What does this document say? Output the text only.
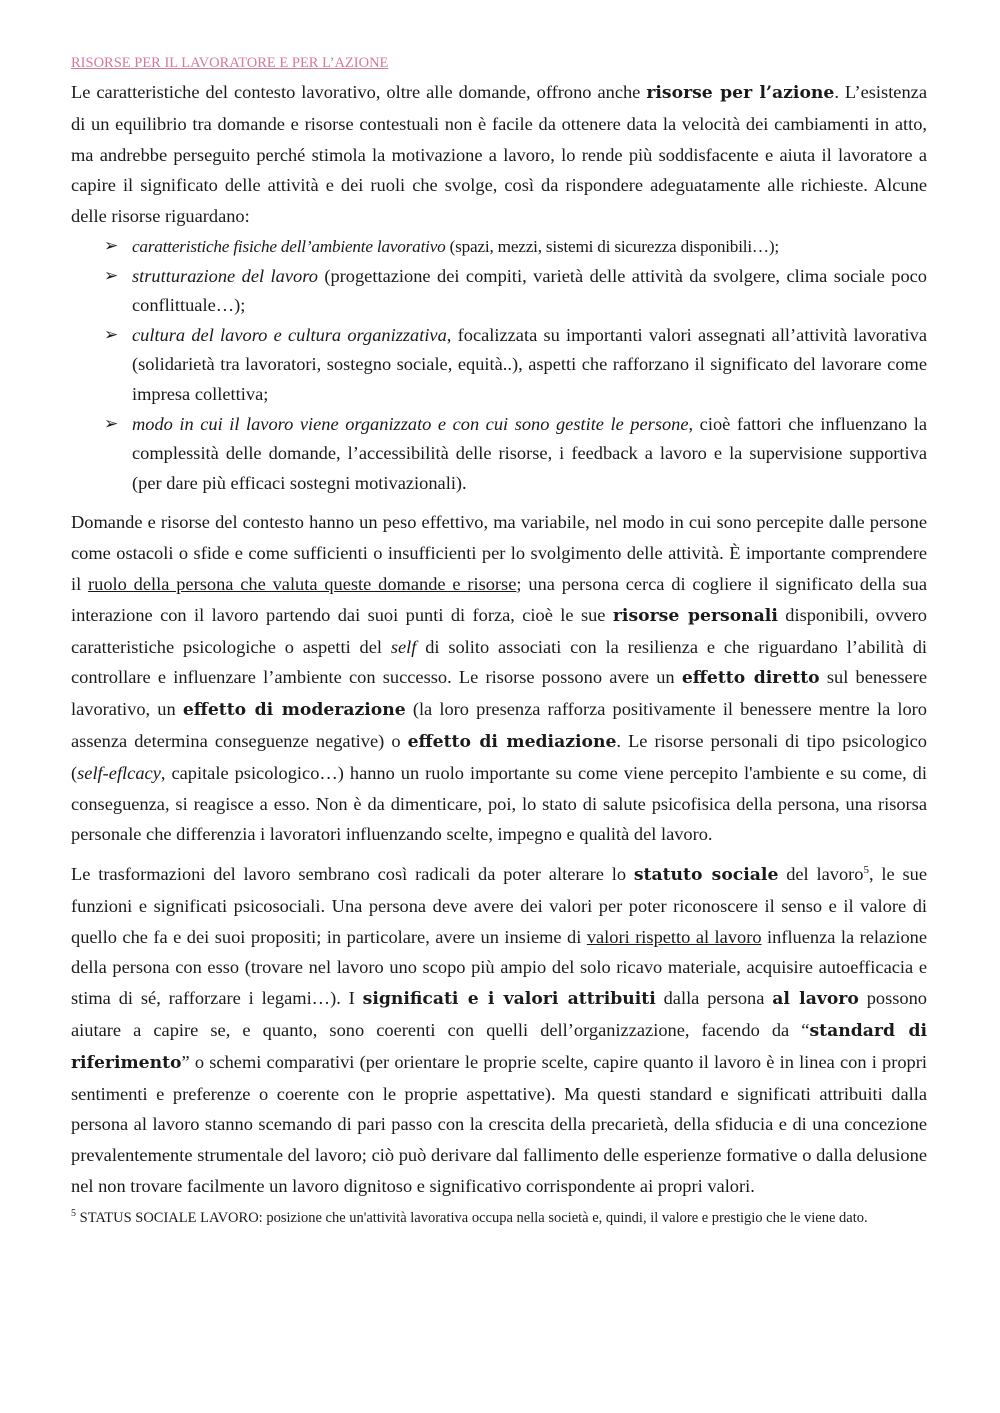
RISORSE PER IL LAVORATORE E PER L’AZIONE

Le caratteristiche del contesto lavorativo, oltre alle domande, offrono anche risorse per l’azione. L’esistenza di un equilibrio tra domande e risorse contestuali non è facile da ottenere data la velocità dei cambiamenti in atto, ma andrebbe perseguito perché stimola la motivazione a lavoro, lo rende più soddisfacente e aiuta il lavoratore a capire il significato delle attività e dei ruoli che svolge, così da rispondere adeguatamente alle richieste. Alcune delle risorse riguardano:

➢ caratteristiche fisiche dell’ambiente lavorativo (spazi, mezzi, sistemi di sicurezza disponibili…);
➢ strutturazione del lavoro (progettazione dei compiti, varietà delle attività da svolgere, clima sociale poco conflittuale…);
➢ cultura del lavoro e cultura organizzativa, focalizzata su importanti valori assegnati all’attività lavorativa (solidarietà tra lavoratori, sostegno sociale, equità..), aspetti che rafforzano il significato del lavorare come impresa collettiva;
➢ modo in cui il lavoro viene organizzato e con cui sono gestite le persone, cioè fattori che influenzano la complessità delle domande, l’accessibilità delle risorse, i feedback a lavoro e la supervisione supportiva (per dare più efficaci sostegni motivazionali).

Domande e risorse del contesto hanno un peso effettivo, ma variabile, nel modo in cui sono percepite dalle persone come ostacoli o sfide e come sufficienti o insufficienti per lo svolgimento delle attività. È importante comprendere il ruolo della persona che valuta queste domande e risorse; una persona cerca di cogliere il significato della sua interazione con il lavoro partendo dai suoi punti di forza, cioè le sue risorse personali disponibili, ovvero caratteristiche psicologiche o aspetti del self di solito associati con la resilienza e che riguardano l’abilità di controllare e influenzare l’ambiente con successo. Le risorse possono avere un effetto diretto sul benessere lavorativo, un effetto di moderazione (la loro presenza rafforza positivamente il benessere mentre la loro assenza determina conseguenze negative) o effetto di mediazione. Le risorse personali di tipo psicologico (self-eflcacy, capitale psicologico…) hanno un ruolo importante su come viene percepito l'ambiente e su come, di conseguenza, si reagisce a esso. Non è da dimenticare, poi, lo stato di salute psicofisica della persona, una risorsa personale che differenzia i lavoratori influenzando scelte, impegno e qualità del lavoro.

Le trasformazioni del lavoro sembrano così radicali da poter alterare lo statuto sociale del lavoro$^5$, le sue funzioni e significati psicosociali. Una persona deve avere dei valori per poter riconoscere il senso e il valore di quello che fa e dei suoi propositi; in particolare, avere un insieme di valori rispetto al lavoro influenza la relazione della persona con esso (trovare nel lavoro uno scopo più ampio del solo ricavo materiale, acquisire autoefficacia e stima di sé, rafforzare i legami…). I significati e i valori attribuiti dalla persona al lavoro possono aiutare a capire se, e quanto, sono coerenti con quelli dell’organizzazione, facendo da “standard di riferimento” o schemi comparativi (per orientare le proprie scelte, capire quanto il lavoro è in linea con i propri sentimenti e preferenze o coerente con le proprie aspettative). Ma questi standard e significati attribuiti dalla persona al lavoro stanno scemando di pari passo con la crescita della precarietà, della sfiducia e di una concezione prevalentemente strumentale del lavoro; ciò può derivare dal fallimento delle esperienze formative o dalla delusione nel non trovare facilmente un lavoro dignitoso e significativo corrispondente ai propri valori.

$^5$ STATUS SOCIALE LAVORO: posizione che un'attività lavorativa occupa nella società e, quindi, il valore e prestigio che le viene dato.
